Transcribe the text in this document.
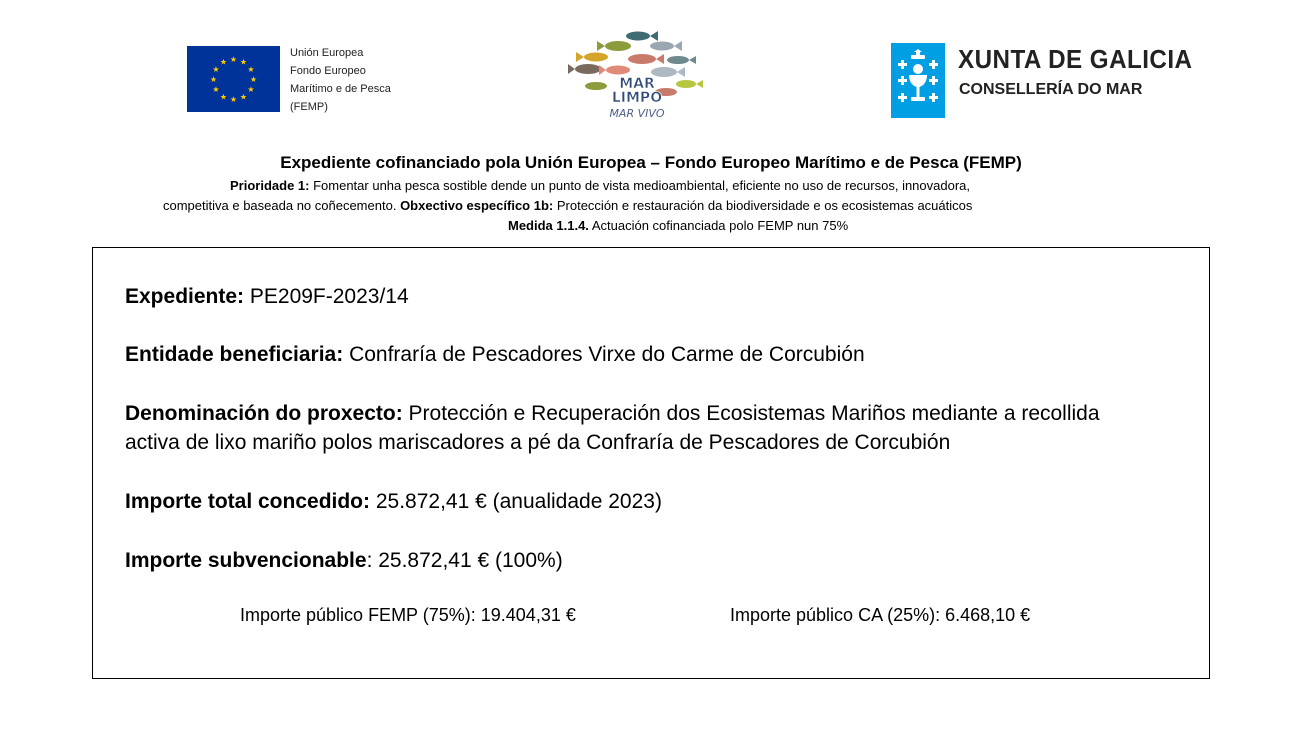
★ ★
★
★
★
★
★
★
★
★
★
★
Unión Europea
Fondo Europeo
Marítimo e de Pesca
(FEMP)
MAR
LIMPO
MAR VIVO
XUNTA DE GALICIA
CONSELLERÍA DO MAR
Expediente cofinanciado pola Unión Europea – Fondo Europeo Marítimo e de Pesca (FEMP)
Prioridade 1: Fomentar unha pesca sostible dende un punto de vista medioambiental, eficiente no uso de recursos, innovadora,
competitiva e baseada no coñecemento. Obxectivo específico 1b: Protección e restauración da biodiversidade e os ecosistemas acuáticos
Medida 1.1.4. Actuación cofinanciada polo FEMP nun 75%
Expediente: PE209F-2023/14
Entidade beneficiaria: Confraría de Pescadores Virxe do Carme de Corcubión
Denominación do proxecto: Protección e Recuperación dos Ecosistemas Mariños mediante a recollida
activa de lixo mariño polos mariscadores a pé da Confraría de Pescadores de Corcubión
Importe total concedido: 25.872,41 € (anualidade 2023)
Importe subvencionable: 25.872,41 € (100%)
Importe público FEMP (75%): 19.404,31 €	Importe público CA (25%): 6.468,10 €
